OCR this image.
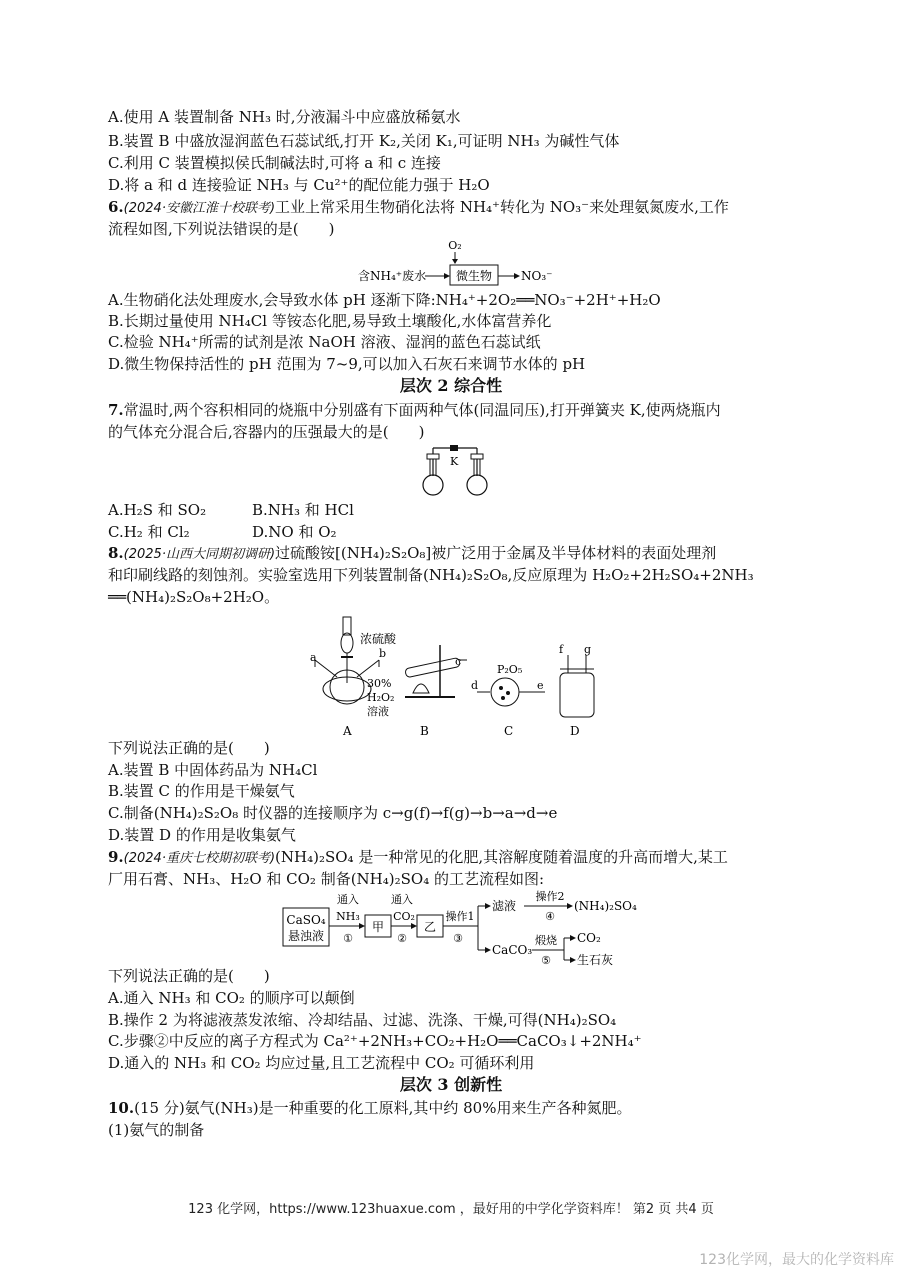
A.使用 A 装置制备 NH₃ 时,分液漏斗中应盛放稀氨水
B.装置 B 中盛放湿润蓝色石蕊试纸,打开 K₂,关闭 K₁,可证明 NH₃ 为碱性气体
C.利用 C 装置模拟侯氏制碱法时,可将 a 和 c 连接
D.将 a 和 d 连接验证 NH₃ 与 Cu²⁺的配位能力强于 H₂O
6.(2024·安徽江淮十校联考)工业上常采用生物硝化法将 NH₄⁺转化为 NO₃⁻来处理氨氮废水,工作
流程如图,下列说法错误的是(　　)
O₂
含NH₄⁺废水 微生物 NO₃⁻
A.生物硝化法处理废水,会导致水体 pH 逐渐下降:NH₄⁺+2O₂══NO₃⁻+2H⁺+H₂O
B.长期过量使用 NH₄Cl 等铵态化肥,易导致土壤酸化,水体富营养化
C.检验 NH₄⁺所需的试剂是浓 NaOH 溶液、湿润的蓝色石蕊试纸
D.微生物保持活性的 pH 范围为 7~9,可以加入石灰石来调节水体的 pH
层次 2 综合性
7.常温时,两个容积相同的烧瓶中分别盛有下面两种气体(同温同压),打开弹簧夹 K,使两烧瓶内
的气体充分混合后,容器内的压强最大的是(　　)
K
A.H₂S 和 SO₂	B.NH₃ 和 HCl
C.H₂ 和 Cl₂	D.NO 和 O₂
8.(2025·山西大同期初调研)过硫酸铵[(NH₄)₂S₂O₈]被广泛用于金属及半导体材料的表面处理剂
和印刷线路的刻蚀剂。实验室选用下列装置制备(NH₄)₂S₂O₈,反应原理为 H₂O₂+2H₂SO₄+2NH₃
══(NH₄)₂S₂O₈+2H₂O。
浓硫酸
a	b
30%
H₂O₂
溶液
c
d	e
P₂O₅
f g
A	B	C	D
下列说法正确的是(　　)
A.装置 B 中固体药品为 NH₄Cl
B.装置 C 的作用是干燥氨气
C.制备(NH₄)₂S₂O₈ 时仪器的连接顺序为 c→g(f)→f(g)→b→a→d→e
D.装置 D 的作用是收集氨气
9.(2024·重庆七校期初联考)(NH₄)₂SO₄ 是一种常见的化肥,其溶解度随着温度的升高而增大,某工
厂用石膏、NH₃、H₂O 和 CO₂ 制备(NH₄)₂SO₄ 的工艺流程如图:
CaSO₄
悬浊液
通入
NH₃
①
甲
通入
CO₂
②
乙
操作1
③
滤液
操作2
④
(NH₄)₂SO₄
CaCO₃
煅烧
⑤
CO₂
生石灰
下列说法正确的是(　　)
A.通入 NH₃ 和 CO₂ 的顺序可以颠倒
B.操作 2 为将滤液蒸发浓缩、冷却结晶、过滤、洗涤、干燥,可得(NH₄)₂SO₄
C.步骤②中反应的离子方程式为 Ca²⁺+2NH₃+CO₂+H₂O══CaCO₃↓+2NH₄⁺
D.通入的 NH₃ 和 CO₂ 均应过量,且工艺流程中 CO₂ 可循环利用
层次 3 创新性
10.(15 分)氨气(NH₃)是一种重要的化工原料,其中约 80%用来生产各种氮肥。
(1)氨气的制备
123 化学网，https://www.123huaxue.com ，最好用的中学化学资料库！ 第2 页 共4 页
123化学网，最大的化学资料库
